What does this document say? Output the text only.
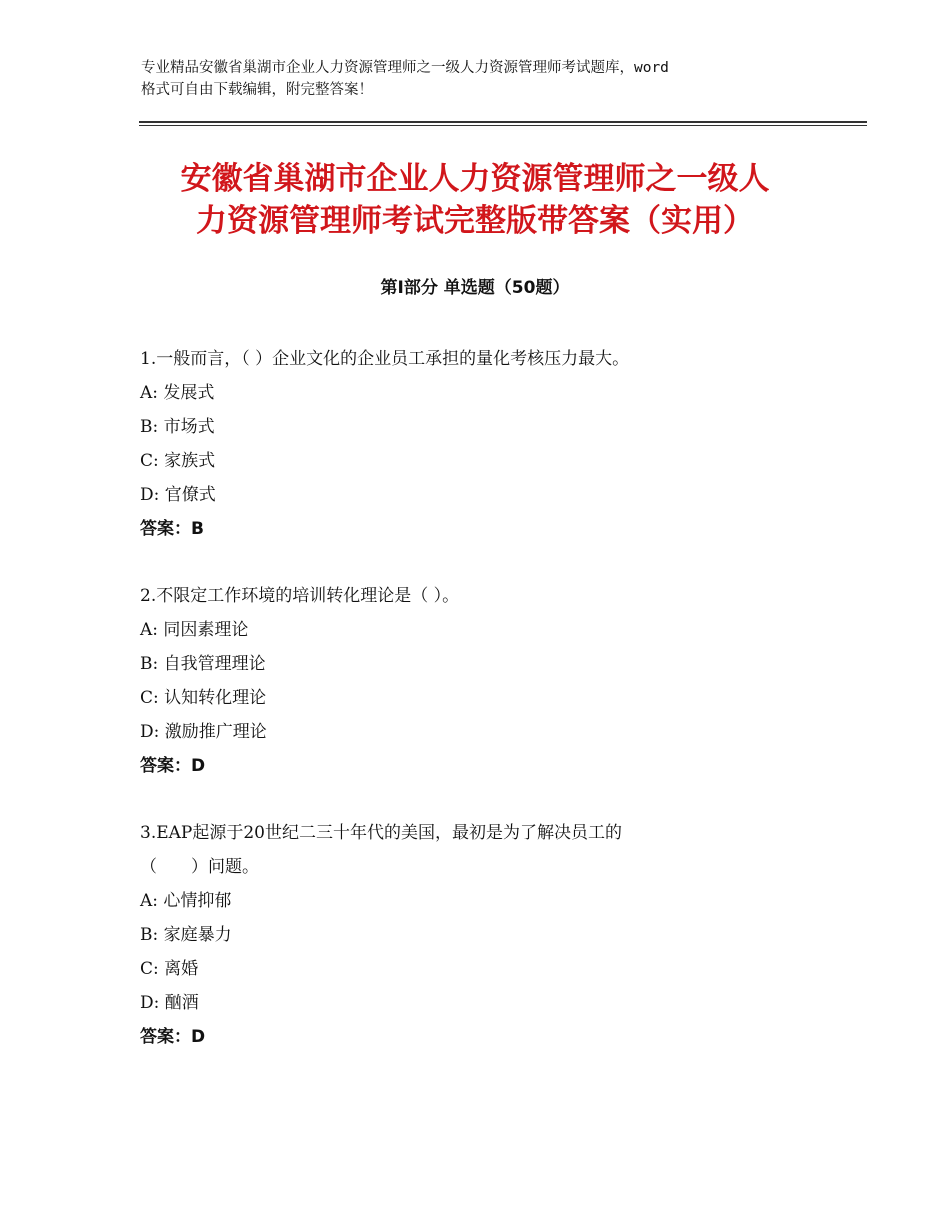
专业精品安徽省巢湖市企业人力资源管理师之一级人力资源管理师考试题库，word
格式可自由下载编辑，附完整答案！
安徽省巢湖市企业人力资源管理师之一级人
力资源管理师考试完整版带答案（实用）
第Ⅰ部分 单选题（50题）
1.一般而言，（ ）企业文化的企业员工承担的量化考核压力最大。
A: 发展式
B: 市场式
C: 家族式
D: 官僚式
答案：B
2.不限定工作环境的培训转化理论是（ ）。
A: 同因素理论
B: 自我管理理论
C: 认知转化理论
D: 激励推广理论
答案：D
3.EAP起源于20世纪二三十年代的美国，最初是为了解决员工的
（　　）问题。
A: 心情抑郁
B: 家庭暴力
C: 离婚
D: 酗酒
答案：D
